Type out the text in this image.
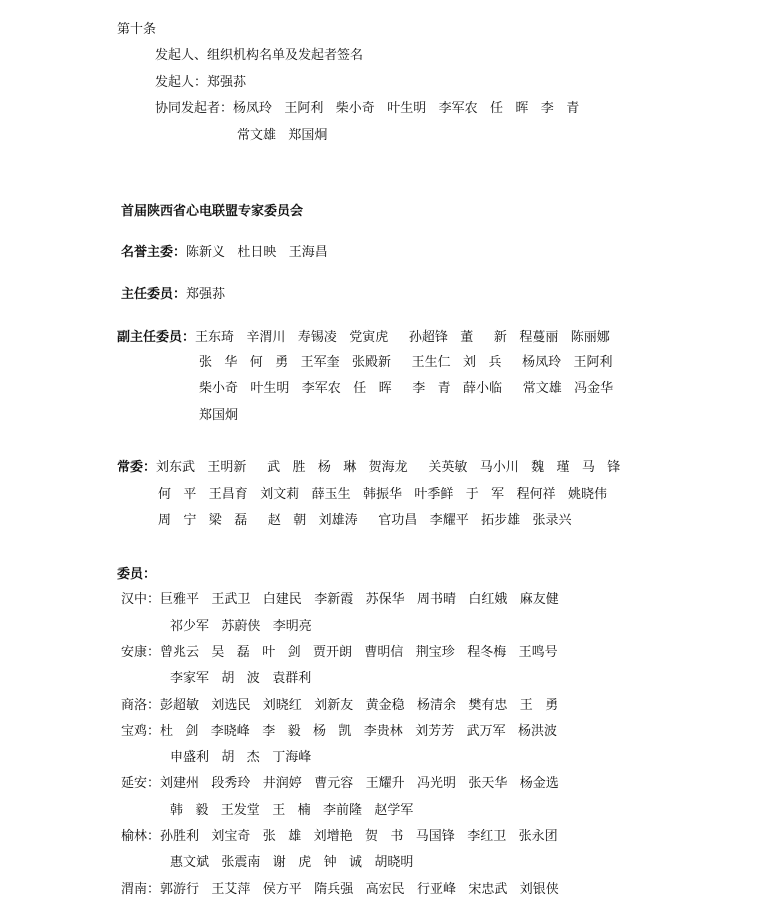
第十条
发起人、组织机构名单及发起者签名
发起人：郑强荪
协同发起者：杨凤玲   王阿利   柴小奇   叶生明   李军农   任   晖   李   青
常文雄   郑国炯
首届陕西省心电联盟专家委员会
名誉主委：陈新义   杜日映   王海昌
主任委员：郑强荪
副主任委员：王东琦   辛渭川   寿锡凌   党寅虎     孙超锋   董     新   程蔓丽   陈丽娜
张   华   何   勇   王军奎   张殿新     王生仁   刘   兵     杨凤玲   王阿利
柴小奇   叶生明   李军农   任   晖     李   青   薛小临     常文雄   冯金华
郑国炯
常委：刘东武   王明新     武   胜   杨   琳   贺海龙     关英敏   马小川   魏   瑾   马   锋
何   平   王昌育   刘文莉   薛玉生   韩振华   叶季鲜   于   军   程何祥   姚晓伟
周   宁   梁   磊     赵   朝   刘雄涛     官功昌   李耀平   拓步雄   张录兴
委员：
汉中：巨雅平   王武卫   白建民   李新霞   苏保华   周书晴   白红娥   麻友健
祁少军   苏蔚侠   李明亮
安康：曾兆云   吴   磊   叶   剑   贾开朗   曹明信   荆宝珍   程冬梅   王鸣号
李家军   胡   波   袁群利
商洛：彭超敏   刘选民   刘晓红   刘新友   黄金稳   杨清余   樊有忠   王   勇
宝鸡：杜   剑   李晓峰   李   毅   杨   凯   李贵林   刘芳芳   武万军   杨洪波
申盛利   胡   杰   丁海峰
延安：刘建州   段秀玲   井润婷   曹元容   王耀升   冯光明   张天华   杨金选
韩   毅   王发堂   王   楠   李前隆   赵学军
榆林：孙胜利   刘宝奇   张   雄   刘增艳   贺   书   马国锋   李红卫   张永团
惠文斌   张震南   谢   虎   钟   诚   胡晓明
渭南：郭游行   王艾萍   侯方平   隋兵强   高宏民   行亚峰   宋忠武   刘银侠
